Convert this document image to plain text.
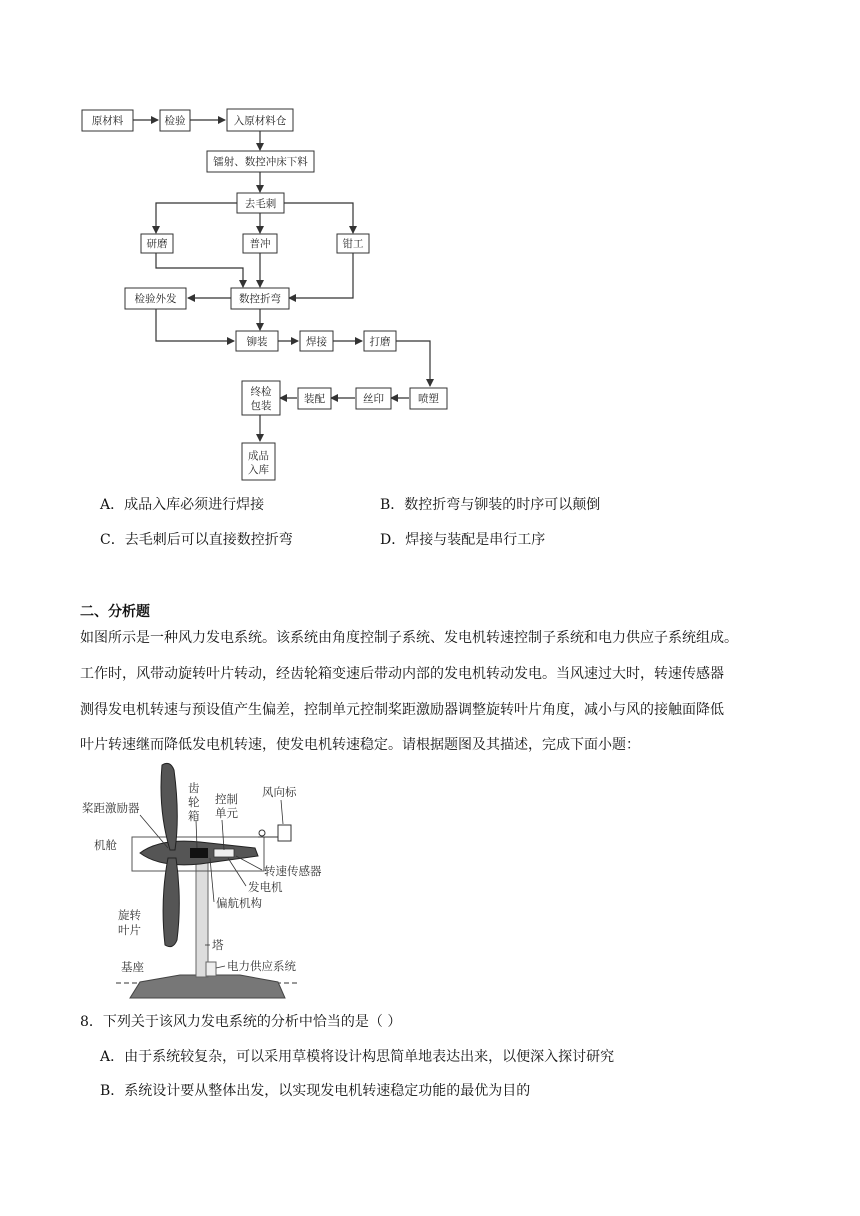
原材料	检验	入原材料仓
镭射、数控冲床下料
去毛刺
研磨	普冲	钳工
检验外发	数控折弯
铆装	焊接	打磨
喷塑
丝印
装配
终检
包装
成品
入库
A．成品入库必须进行焊接	B．数控折弯与铆装的时序可以颠倒
C．去毛刺后可以直接数控折弯	D．焊接与装配是串行工序
二、分析题
如图所示是一种风力发电系统。该系统由角度控制子系统、发电机转速控制子系统和电力供应子系统组成。
工作时，风带动旋转叶片转动，经齿轮箱变速后带动内部的发电机转动发电。当风速过大时，转速传感器
测得发电机转速与预设值产生偏差，控制单元控制桨距激励器调整旋转叶片角度，减小与风的接触面降低
叶片转速继而降低发电机转速，使发电机转速稳定。请根据题图及其描述，完成下面小题：
桨距激励器
齿
轮
箱
控制
单元
风向标
机舱
转速传感器
发电机
偏航机构
旋转
叶片
塔
电力供应系统
基座
8．下列关于该风力发电系统的分析中恰当的是（ ）
A．由于系统较复杂，可以采用草模将设计构思简单地表达出来，以便深入探讨研究
B．系统设计要从整体出发，以实现发电机转速稳定功能的最优为目的
